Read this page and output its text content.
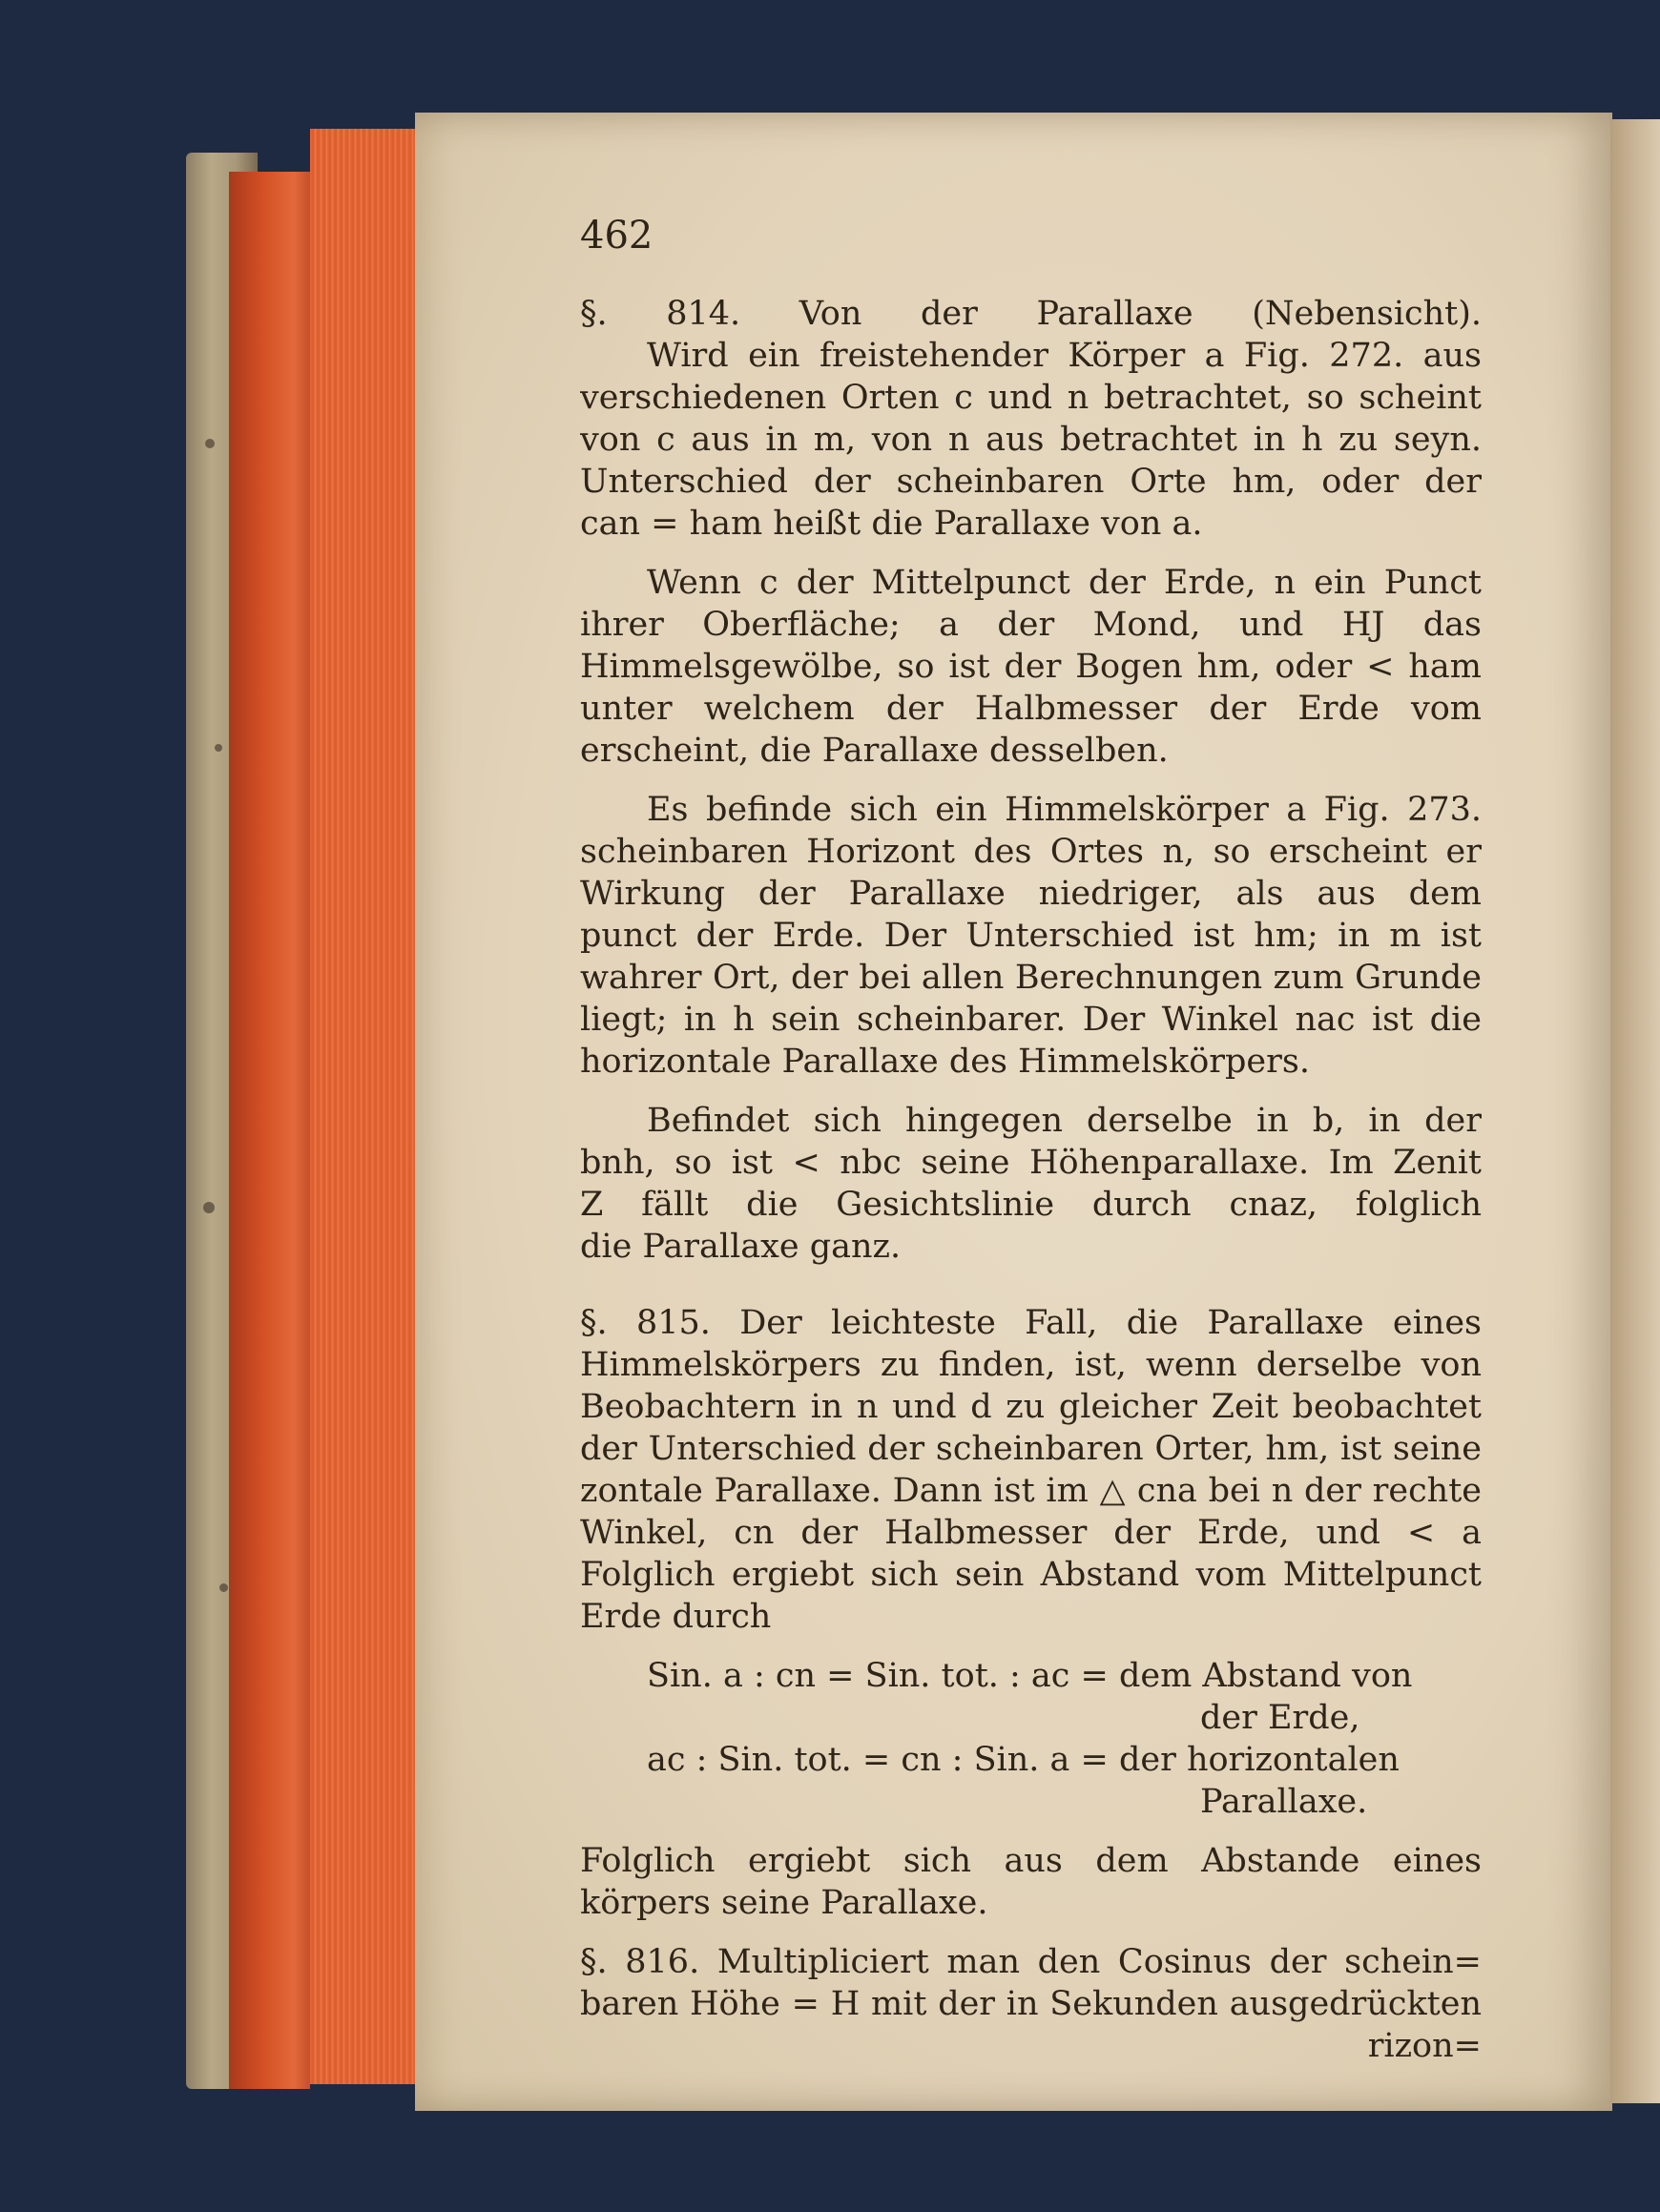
462
§. 814. Von der Parallaxe (Nebensicht).
Wird ein freistehender Körper a Fig. 272. aus
verschiedenen Orten c und n betrachtet, so scheint
von c aus in m, von n aus betrachtet in h zu seyn.
Unterschied der scheinbaren Orte hm, oder der
can = ham heißt die Parallaxe von a.
Wenn c der Mittelpunct der Erde, n ein Punct
ihrer Oberfläche; a der Mond, und HJ das
Himmelsgewölbe, so ist der Bogen hm, oder < ham
unter welchem der Halbmesser der Erde vom
erscheint, die Parallaxe desselben.
Es befinde sich ein Himmelskörper a Fig. 273.
scheinbaren Horizont des Ortes n, so erscheint er
Wirkung der Parallaxe niedriger, als aus dem
punct der Erde. Der Unterschied ist hm; in m ist
wahrer Ort, der bei allen Berechnungen zum Grunde
liegt; in h sein scheinbarer. Der Winkel nac ist die
horizontale Parallaxe des Himmelskörpers.
Befindet sich hingegen derselbe in b, in der
bnh, so ist < nbc seine Höhenparallaxe. Im Zenit
Z fällt die Gesichtslinie durch cnaz, folglich
die Parallaxe ganz.
§. 815. Der leichteste Fall, die Parallaxe eines
Himmelskörpers zu finden, ist, wenn derselbe von
Beobachtern in n und d zu gleicher Zeit beobachtet
der Unterschied der scheinbaren Orter, hm, ist seine
zontale Parallaxe. Dann ist im △ cna bei n der rechte
Winkel, cn der Halbmesser der Erde, und < a
Folglich ergiebt sich sein Abstand vom Mittelpunct
Erde durch
Sin. a : cn = Sin. tot. : ac = dem Abstand von
der Erde,
ac : Sin. tot. = cn : Sin. a = der horizontalen
Parallaxe.
Folglich ergiebt sich aus dem Abstande eines
körpers seine Parallaxe.
§. 816. Multipliciert man den Cosinus der schein=
baren Höhe = H mit der in Sekunden ausgedrückten
rizon=
